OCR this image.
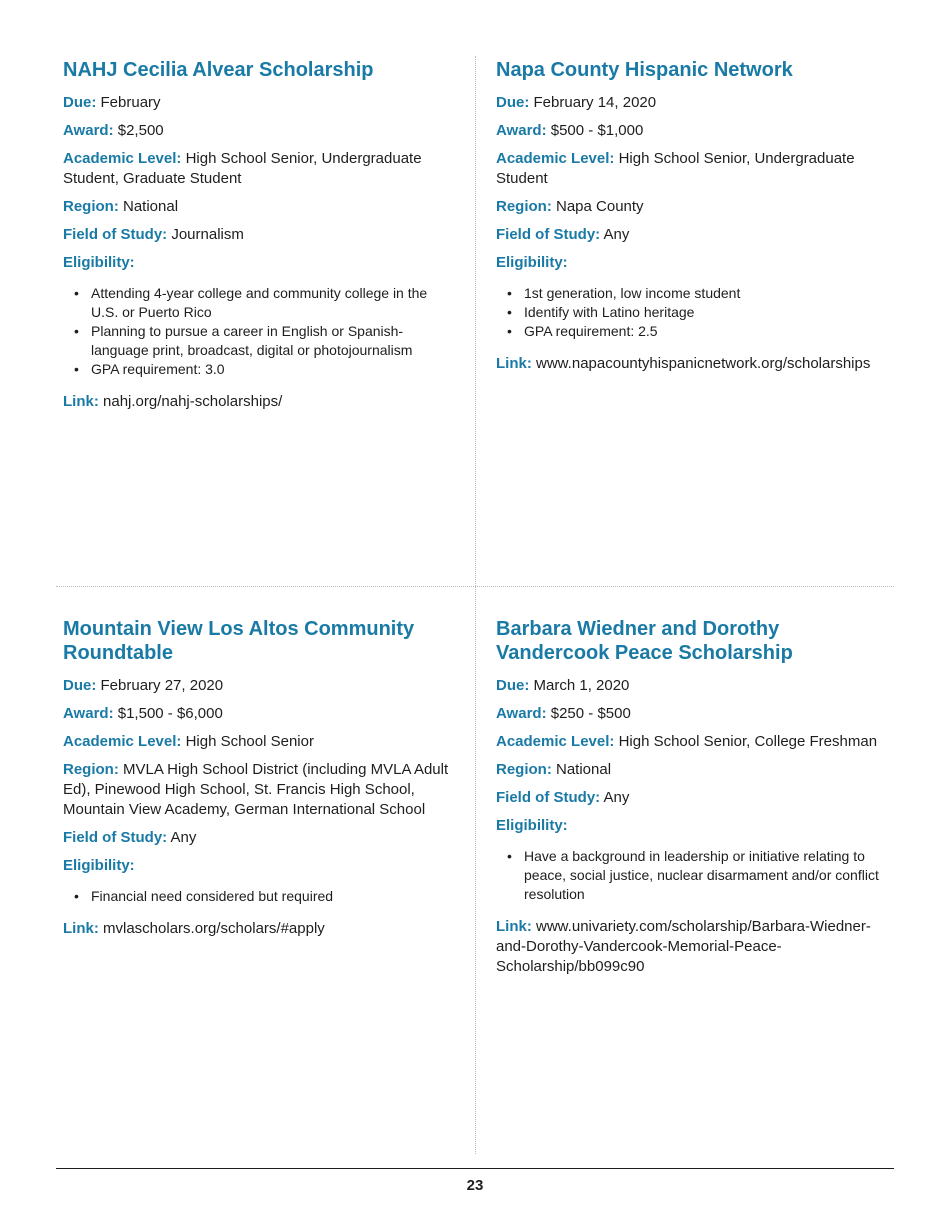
NAHJ Cecilia Alvear Scholarship
Due: February
Award: $2,500
Academic Level: High School Senior, Undergraduate Student, Graduate Student
Region: National
Field of Study: Journalism
Eligibility:
• Attending 4-year college and community college in the U.S. or Puerto Rico
• Planning to pursue a career in English or Spanish-language print, broadcast, digital or photojournalism
• GPA requirement: 3.0
Link: nahj.org/nahj-scholarships/
Napa County Hispanic Network
Due: February 14, 2020
Award: $500 - $1,000
Academic Level: High School Senior, Undergraduate Student
Region: Napa County
Field of Study: Any
Eligibility:
• 1st generation, low income student
• Identify with Latino heritage
• GPA requirement: 2.5
Link: www.napacountyhispanicnetwork.org/scholarships
Mountain View Los Altos Community Roundtable
Due: February 27, 2020
Award: $1,500 - $6,000
Academic Level: High School Senior
Region: MVLA High School District (including MVLA Adult Ed), Pinewood High School, St. Francis High School, Mountain View Academy, German International School
Field of Study: Any
Eligibility:
• Financial need considered but required
Link: mvlascholars.org/scholars/#apply
Barbara Wiedner and Dorothy Vandercook Peace Scholarship
Due: March 1, 2020
Award: $250 - $500
Academic Level: High School Senior, College Freshman
Region: National
Field of Study: Any
Eligibility:
• Have a background in leadership or initiative relating to peace, social justice, nuclear disarmament and/or conflict resolution
Link: www.univariety.com/scholarship/Barbara-Wiedner-and-Dorothy-Vandercook-Memorial-Peace-Scholarship/bb099c90
23
